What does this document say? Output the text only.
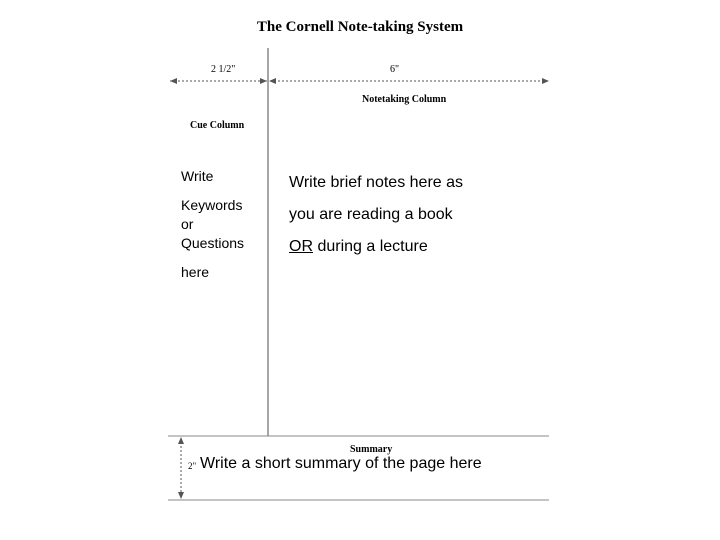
The Cornell Note-taking System
2 1/2"	6"
Notetaking Column
Cue Column
Write
Keywords
or
Questions
here
Write brief notes here as
you are reading a book
OR during a lecture
Summary
2" Write a short summary of the page here
